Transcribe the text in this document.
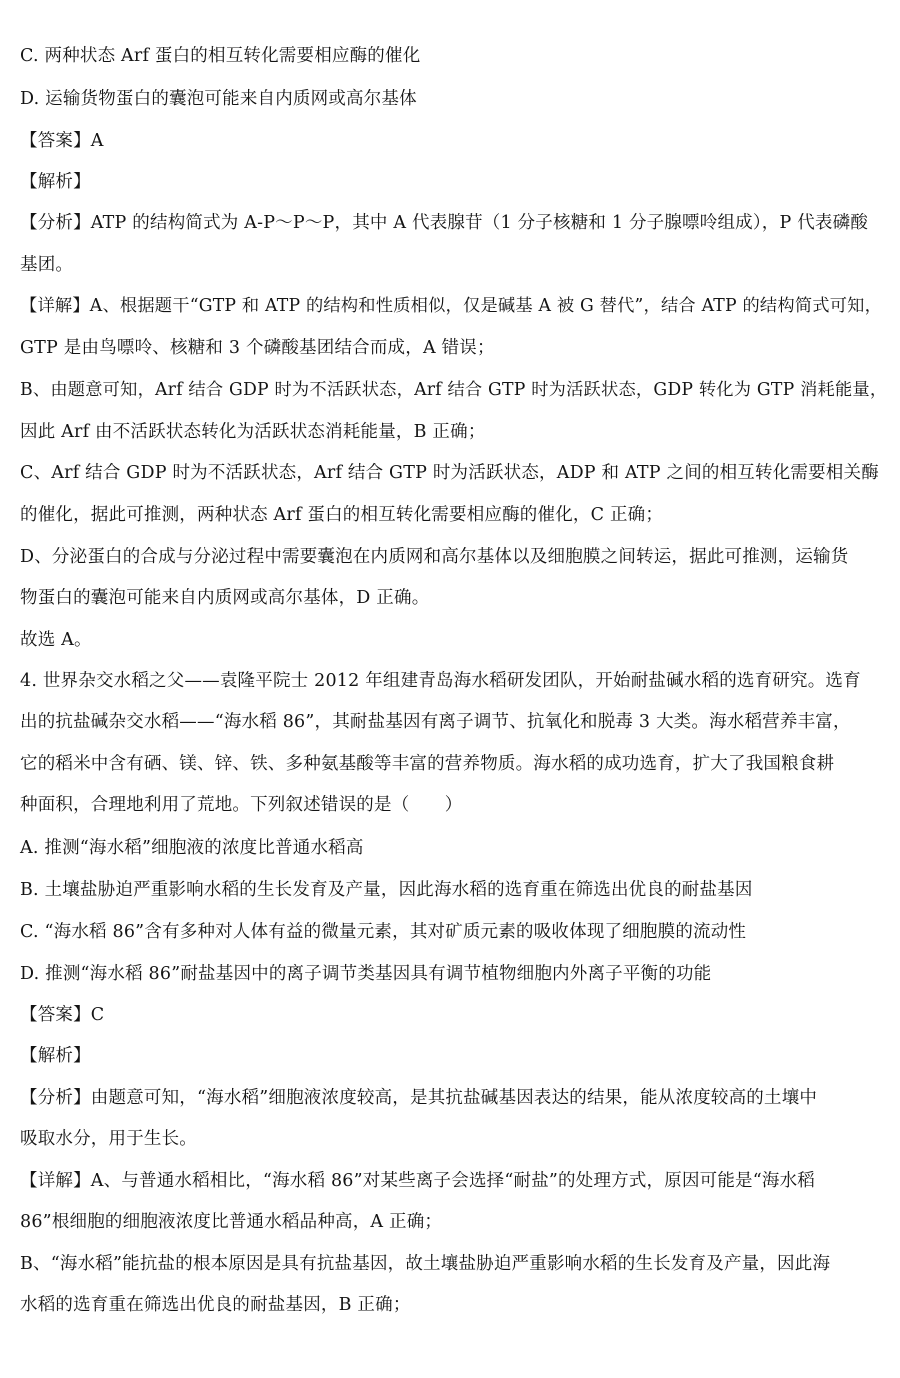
C. 两种状态 Arf 蛋白的相互转化需要相应酶的催化
D. 运输货物蛋白的囊泡可能来自内质网或高尔基体
【答案】A
【解析】
【分析】ATP 的结构简式为 A-P～P～P，其中 A 代表腺苷（1 分子核糖和 1 分子腺嘌呤组成），P 代表磷酸
基团。
【详解】A、根据题干“GTP 和 ATP 的结构和性质相似，仅是碱基 A 被 G 替代”，结合 ATP 的结构简式可知，
GTP 是由鸟嘌呤、核糖和 3 个磷酸基团结合而成，A 错误；
B、由题意可知，Arf 结合 GDP 时为不活跃状态，Arf 结合 GTP 时为活跃状态，GDP 转化为 GTP 消耗能量，
因此 Arf 由不活跃状态转化为活跃状态消耗能量，B 正确；
C、Arf 结合 GDP 时为不活跃状态，Arf 结合 GTP 时为活跃状态，ADP 和 ATP 之间的相互转化需要相关酶
的催化，据此可推测，两种状态 Arf 蛋白的相互转化需要相应酶的催化，C 正确；
D、分泌蛋白的合成与分泌过程中需要囊泡在内质网和高尔基体以及细胞膜之间转运，据此可推测，运输货
物蛋白的囊泡可能来自内质网或高尔基体，D 正确。
故选 A。
4. 世界杂交水稻之父——袁隆平院士 2012 年组建青岛海水稻研发团队，开始耐盐碱水稻的选育研究。选育
出的抗盐碱杂交水稻——“海水稻 86”，其耐盐基因有离子调节、抗氧化和脱毒 3 大类。海水稻营养丰富，
它的稻米中含有硒、镁、锌、铁、多种氨基酸等丰富的营养物质。海水稻的成功选育，扩大了我国粮食耕
种面积，合理地利用了荒地。下列叙述错误的是（　　）
A. 推测“海水稻”细胞液的浓度比普通水稻高
B. 土壤盐胁迫严重影响水稻的生长发育及产量，因此海水稻的选育重在筛选出优良的耐盐基因
C. “海水稻 86”含有多种对人体有益的微量元素，其对矿质元素的吸收体现了细胞膜的流动性
D. 推测“海水稻 86”耐盐基因中的离子调节类基因具有调节植物细胞内外离子平衡的功能
【答案】C
【解析】
【分析】由题意可知，“海水稻”细胞液浓度较高，是其抗盐碱基因表达的结果，能从浓度较高的土壤中
吸取水分，用于生长。
【详解】A、与普通水稻相比，“海水稻 86”对某些离子会选择“耐盐”的处理方式，原因可能是“海水稻
86”根细胞的细胞液浓度比普通水稻品种高，A 正确；
B、“海水稻”能抗盐的根本原因是具有抗盐基因，故土壤盐胁迫严重影响水稻的生长发育及产量，因此海
水稻的选育重在筛选出优良的耐盐基因，B 正确；
